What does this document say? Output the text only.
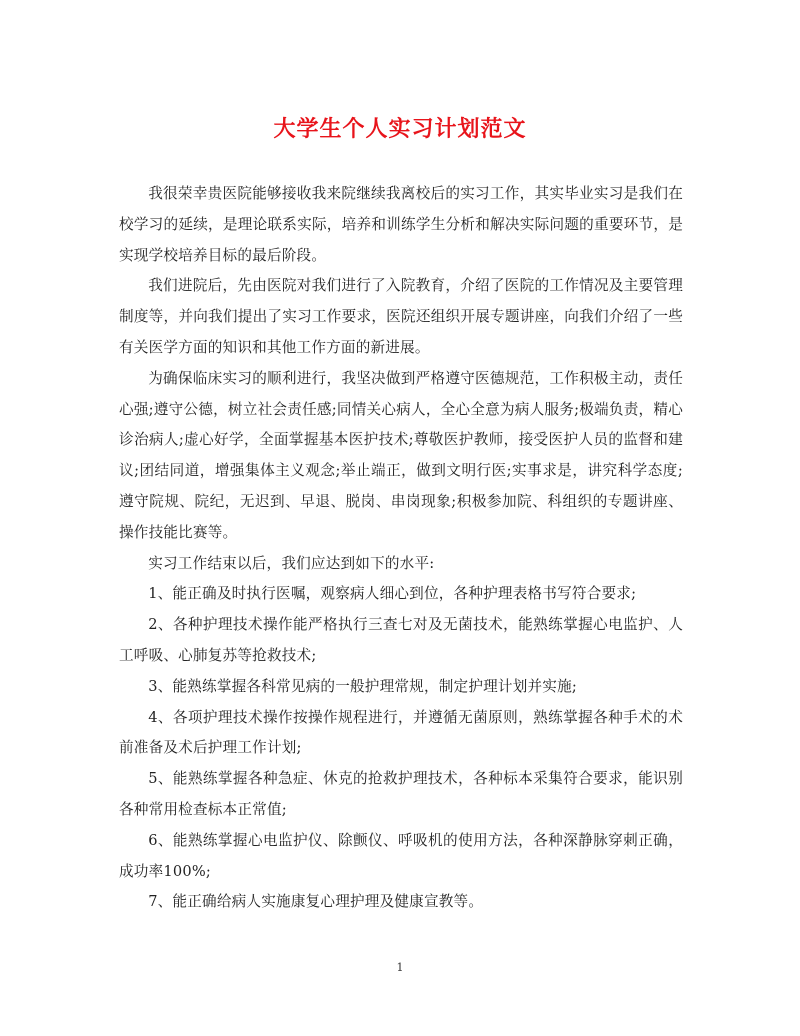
大学生个人实习计划范文

我很荣幸贵医院能够接收我来院继续我离校后的实习工作，其实毕业实习是我们在校学习的延续，是理论联系实际，培养和训练学生分析和解决实际问题的重要环节，是实现学校培养目标的最后阶段。

我们进院后，先由医院对我们进行了入院教育，介绍了医院的工作情况及主要管理制度等，并向我们提出了实习工作要求，医院还组织开展专题讲座，向我们介绍了一些有关医学方面的知识和其他工作方面的新进展。

为确保临床实习的顺利进行，我坚决做到严格遵守医德规范，工作积极主动，责任心强;遵守公德，树立社会责任感;同情关心病人，全心全意为病人服务;极端负责，精心诊治病人;虚心好学，全面掌握基本医护技术;尊敬医护教师，接受医护人员的监督和建议;团结同道，增强集体主义观念;举止端正，做到文明行医;实事求是，讲究科学态度;遵守院规、院纪，无迟到、早退、脱岗、串岗现象;积极参加院、科组织的专题讲座、操作技能比赛等。

实习工作结束以后，我们应达到如下的水平:

1、能正确及时执行医嘱，观察病人细心到位，各种护理表格书写符合要求;

2、各种护理技术操作能严格执行三查七对及无菌技术，能熟练掌握心电监护、人工呼吸、心肺复苏等抢救技术;

3、能熟练掌握各科常见病的一般护理常规，制定护理计划并实施;

4、各项护理技术操作按操作规程进行，并遵循无菌原则，熟练掌握各种手术的术前准备及术后护理工作计划;

5、能熟练掌握各种急症、休克的抢救护理技术，各种标本采集符合要求，能识别各种常用检查标本正常值;

6、能熟练掌握心电监护仪、除颤仪、呼吸机的使用方法，各种深静脉穿刺正确，成功率100%;

7、能正确给病人实施康复心理护理及健康宣教等。

1
